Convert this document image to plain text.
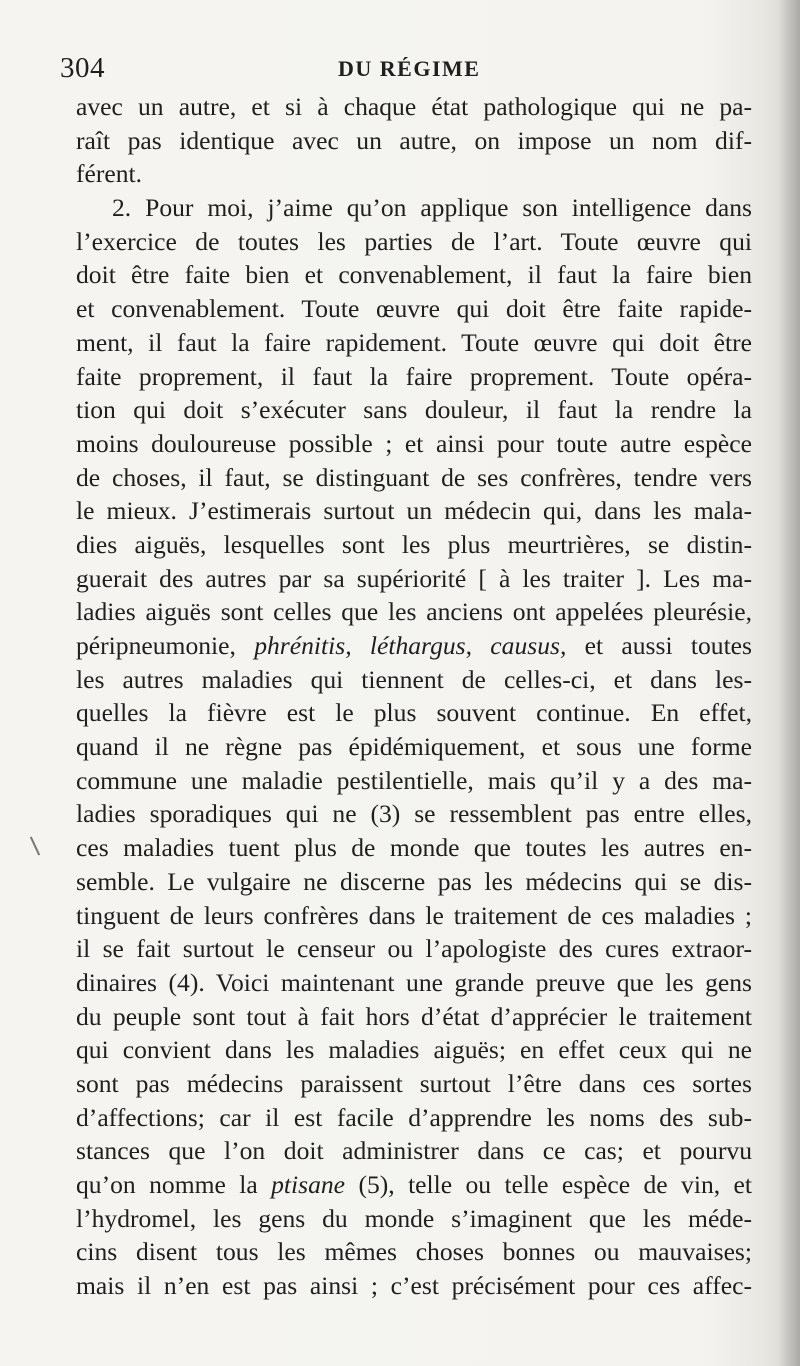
304	DU RÉGIME
avec un autre, et si à chaque état pathologique qui ne pa-
raît pas identique avec un autre, on impose un nom dif-
férent.
2. Pour moi, j’aime qu’on applique son intelligence dans
l’exercice de toutes les parties de l’art. Toute œuvre qui
doit être faite bien et convenablement, il faut la faire bien
et convenablement. Toute œuvre qui doit être faite rapide-
ment, il faut la faire rapidement. Toute œuvre qui doit être
faite proprement, il faut la faire proprement. Toute opéra-
tion qui doit s’exécuter sans douleur, il faut la rendre la
moins douloureuse possible ; et ainsi pour toute autre espèce
de choses, il faut, se distinguant de ses confrères, tendre vers
le mieux. J’estimerais surtout un médecin qui, dans les mala-
dies aiguës, lesquelles sont les plus meurtrières, se distin-
guerait des autres par sa supériorité [ à les traiter ]. Les ma-
ladies aiguës sont celles que les anciens ont appelées pleurésie,
péripneumonie, phrénitis, léthargus, causus, et aussi toutes
les autres maladies qui tiennent de celles-ci, et dans les-
quelles la fièvre est le plus souvent continue. En effet,
quand il ne règne pas épidémiquement, et sous une forme
commune une maladie pestilentielle, mais qu’il y a des ma-
ladies sporadiques qui ne (3) se ressemblent pas entre elles,
ces maladies tuent plus de monde que toutes les autres en-
semble. Le vulgaire ne discerne pas les médecins qui se dis-
tinguent de leurs confrères dans le traitement de ces maladies ;
il se fait surtout le censeur ou l’apologiste des cures extraor-
dinaires (4). Voici maintenant une grande preuve que les gens
du peuple sont tout à fait hors d’état d’apprécier le traitement
qui convient dans les maladies aiguës; en effet ceux qui ne
sont pas médecins paraissent surtout l’être dans ces sortes
d’affections; car il est facile d’apprendre les noms des sub-
stances que l’on doit administrer dans ce cas; et pourvu
qu’on nomme la ptisane (5), telle ou telle espèce de vin, et
l’hydromel, les gens du monde s’imaginent que les méde-
cins disent tous les mêmes choses bonnes ou mauvaises;
mais il n’en est pas ainsi ; c’est précisément pour ces affec-
